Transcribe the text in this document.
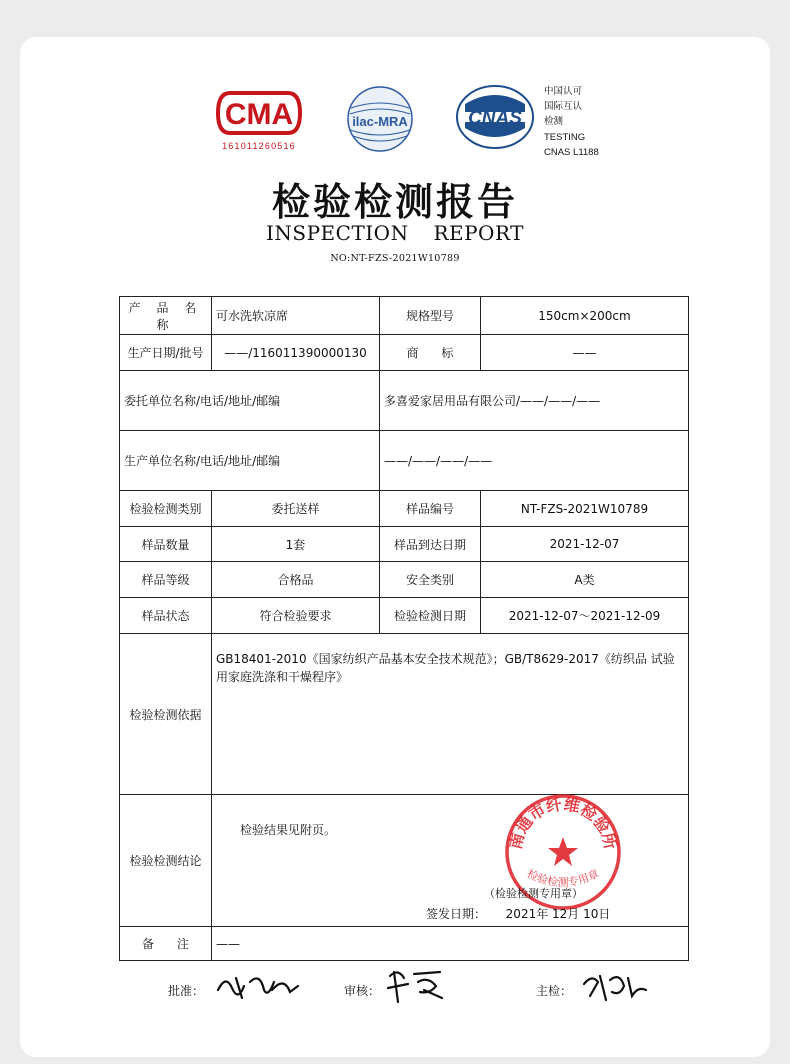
CMA
161011260516
ilac-MRA	CNAS
中国认可
国际互认
检测
TESTING
CNAS L1188
检验检测报告
INSPECTION REPORT
NO:NT-FZS-2021W10789
产 品 名 称	可水洗软凉席	规格型号	150cm×200cm
生产日期/批号	——/116011390000130	商      标	——
委托单位名称/电话/地址/邮编		多喜爱家居用品有限公司/——/——/——	
生产单位名称/电话/地址/邮编		——/——/——/——	
检验检测类别	委托送样	样品编号	NT-FZS-2021W10789
样品数量	1套	样品到达日期	2021-12-07
样品等级	合格品	安全类别	A类
样品状态	符合检验要求	检验检测日期	2021-12-07～2021-12-09
检验检测依据	GB18401-2010《国家纺织产品基本安全技术规范》；GB/T8629-2017《纺织品 试验用家庭洗涤和干燥程序》		
检验检测结论	检验结果见附页。
南通市纤维检验所
检验检测专用章
（检验检测专用章）
签发日期： 2021年 12月 10日		

备      注	——		
批准：	审核：	主检：
